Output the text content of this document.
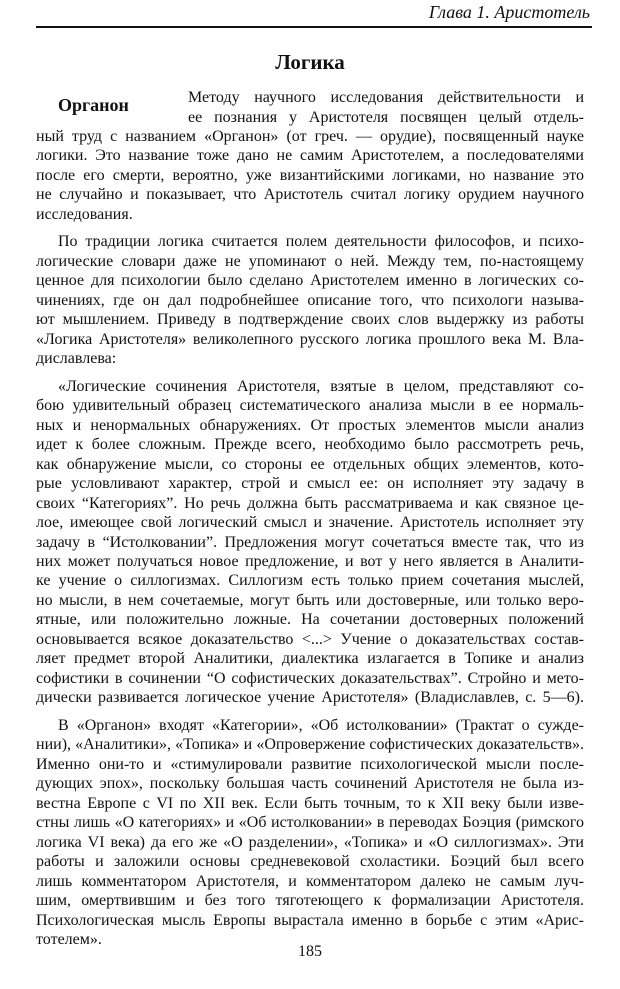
Глава 1. Аристотель
Логика
Органон	Методу научного исследования действительности и
ее познания у Аристотеля посвящен целый отдель-
ный труд с названием «Органон» (от греч. — орудие), посвященный науке
логики. Это название тоже дано не самим Аристотелем, а последователями
после его смерти, вероятно, уже византийскими логиками, но название это
не случайно и показывает, что Аристотель считал логику орудием научного
исследования.
По традиции логика считается полем деятельности философов, и психо-
логические словари даже не упоминают о ней. Между тем, по-настоящему
ценное для психологии было сделано Аристотелем именно в логических со-
чинениях, где он дал подробнейшее описание того, что психологи называ-
ют мышлением. Приведу в подтверждение своих слов выдержку из работы
«Логика Аристотеля» великолепного русского логика прошлого века М. Вла-
диславлева:
«Логические сочинения Аристотеля, взятые в целом, представляют со-
бою удивительный образец систематического анализа мысли в ее нормаль-
ных и ненормальных обнаружениях. От простых элементов мысли анализ
идет к более сложным. Прежде всего, необходимо было рассмотреть речь,
как обнаружение мысли, со стороны ее отдельных общих элементов, кото-
рые условливают характер, строй и смысл ее: он исполняет эту задачу в
своих “Категориях”. Но речь должна быть рассматриваема и как связное це-
лое, имеющее свой логический смысл и значение. Аристотель исполняет эту
задачу в “Истолковании”. Предложения могут сочетаться вместе так, что из
них может получаться новое предложение, и вот у него является в Аналити-
ке учение о силлогизмах. Силлогизм есть только прием сочетания мыслей,
но мысли, в нем сочетаемые, могут быть или достоверные, или только веро-
ятные, или положительно ложные. На сочетании достоверных положений
основывается всякое доказательство <...> Учение о доказательствах состав-
ляет предмет второй Аналитики, диалектика излагается в Топике и анализ
софистики в сочинении “О софистических доказательствах”. Стройно и мето-
дически развивается логическое учение Аристотеля» (Владиславлев, с. 5—6).
В «Органон» входят «Категории», «Об истолковании» (Трактат о сужде-
нии), «Аналитики», «Топика» и «Опровержение софистических доказательств».
Именно они-то и «стимулировали развитие психологической мысли после-
дующих эпох», поскольку большая часть сочинений Аристотеля не была из-
вестна Европе с VI по XII век. Если быть точным, то к XII веку были изве-
стны лишь «О категориях» и «Об истолковании» в переводах Боэция (римского
логика VI века) да его же «О разделении», «Топика» и «О силлогизмах». Эти
работы и заложили основы средневековой схоластики. Боэций был всего
лишь комментатором Аристотеля, и комментатором далеко не самым луч-
шим, омертвившим и без того тяготеющего к формализации Аристотеля.
Психологическая мысль Европы вырастала именно в борьбе с этим «Арис-
тотелем».
185
